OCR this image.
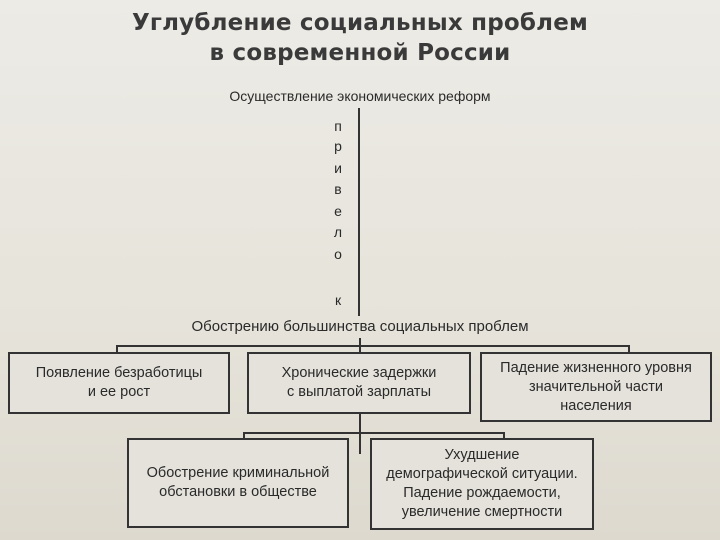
Углубление социальных проблем
в современной России
Осуществление экономических реформ
п
р
и
в
е
л
о
к
Обострению большинства социальных проблем
Появление безработицы
и ее рост
Хронические задержки
с выплатой зарплаты
Падение жизненного уровня
значительной части
населения
Обострение криминальной
обстановки в обществе
Ухудшение
демографической ситуации.
Падение рождаемости,
увеличение смертности
